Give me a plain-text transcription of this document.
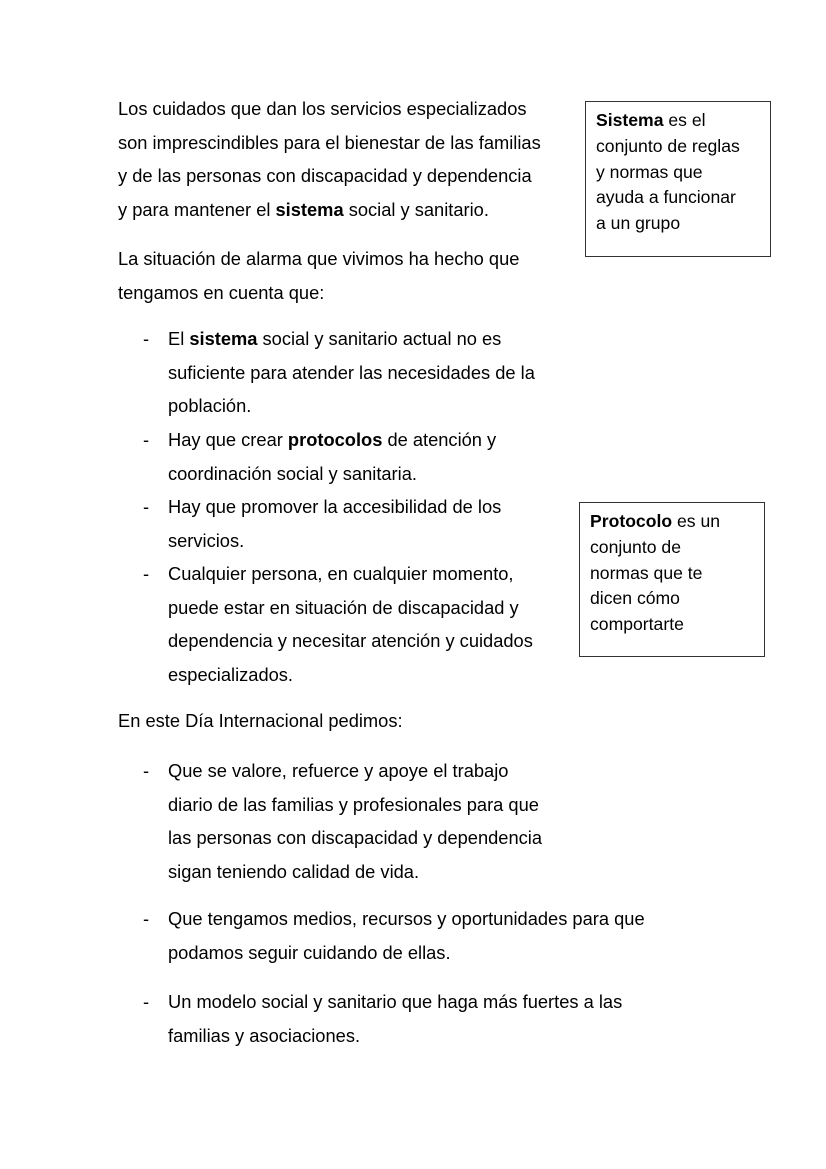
Los cuidados que dan los servicios especializados
son imprescindibles para el bienestar de las familias
y de las personas con discapacidad y dependencia
y para mantener el sistema social y sanitario.

La situación de alarma que vivimos ha hecho que
tengamos en cuenta que:

- El sistema social y sanitario actual no es
suficiente para atender las necesidades de la
población.
- Hay que crear protocolos de atención y
coordinación social y sanitaria.
- Hay que promover la accesibilidad de los
servicios.
- Cualquier persona, en cualquier momento,
puede estar en situación de discapacidad y
dependencia y necesitar atención y cuidados
especializados.

En este Día Internacional pedimos:

- Que se valore, refuerce y apoye el trabajo
diario de las familias y profesionales para que
las personas con discapacidad y dependencia
sigan teniendo calidad de vida.
- Que tengamos medios, recursos y oportunidades para que
podamos seguir cuidando de ellas.
- Un modelo social y sanitario que haga más fuertes a las
familias y asociaciones.
Sistema es el
conjunto de reglas
y normas que
ayuda a funcionar
a un grupo
Protocolo es un
conjunto de
normas que te
dicen cómo
comportarte
